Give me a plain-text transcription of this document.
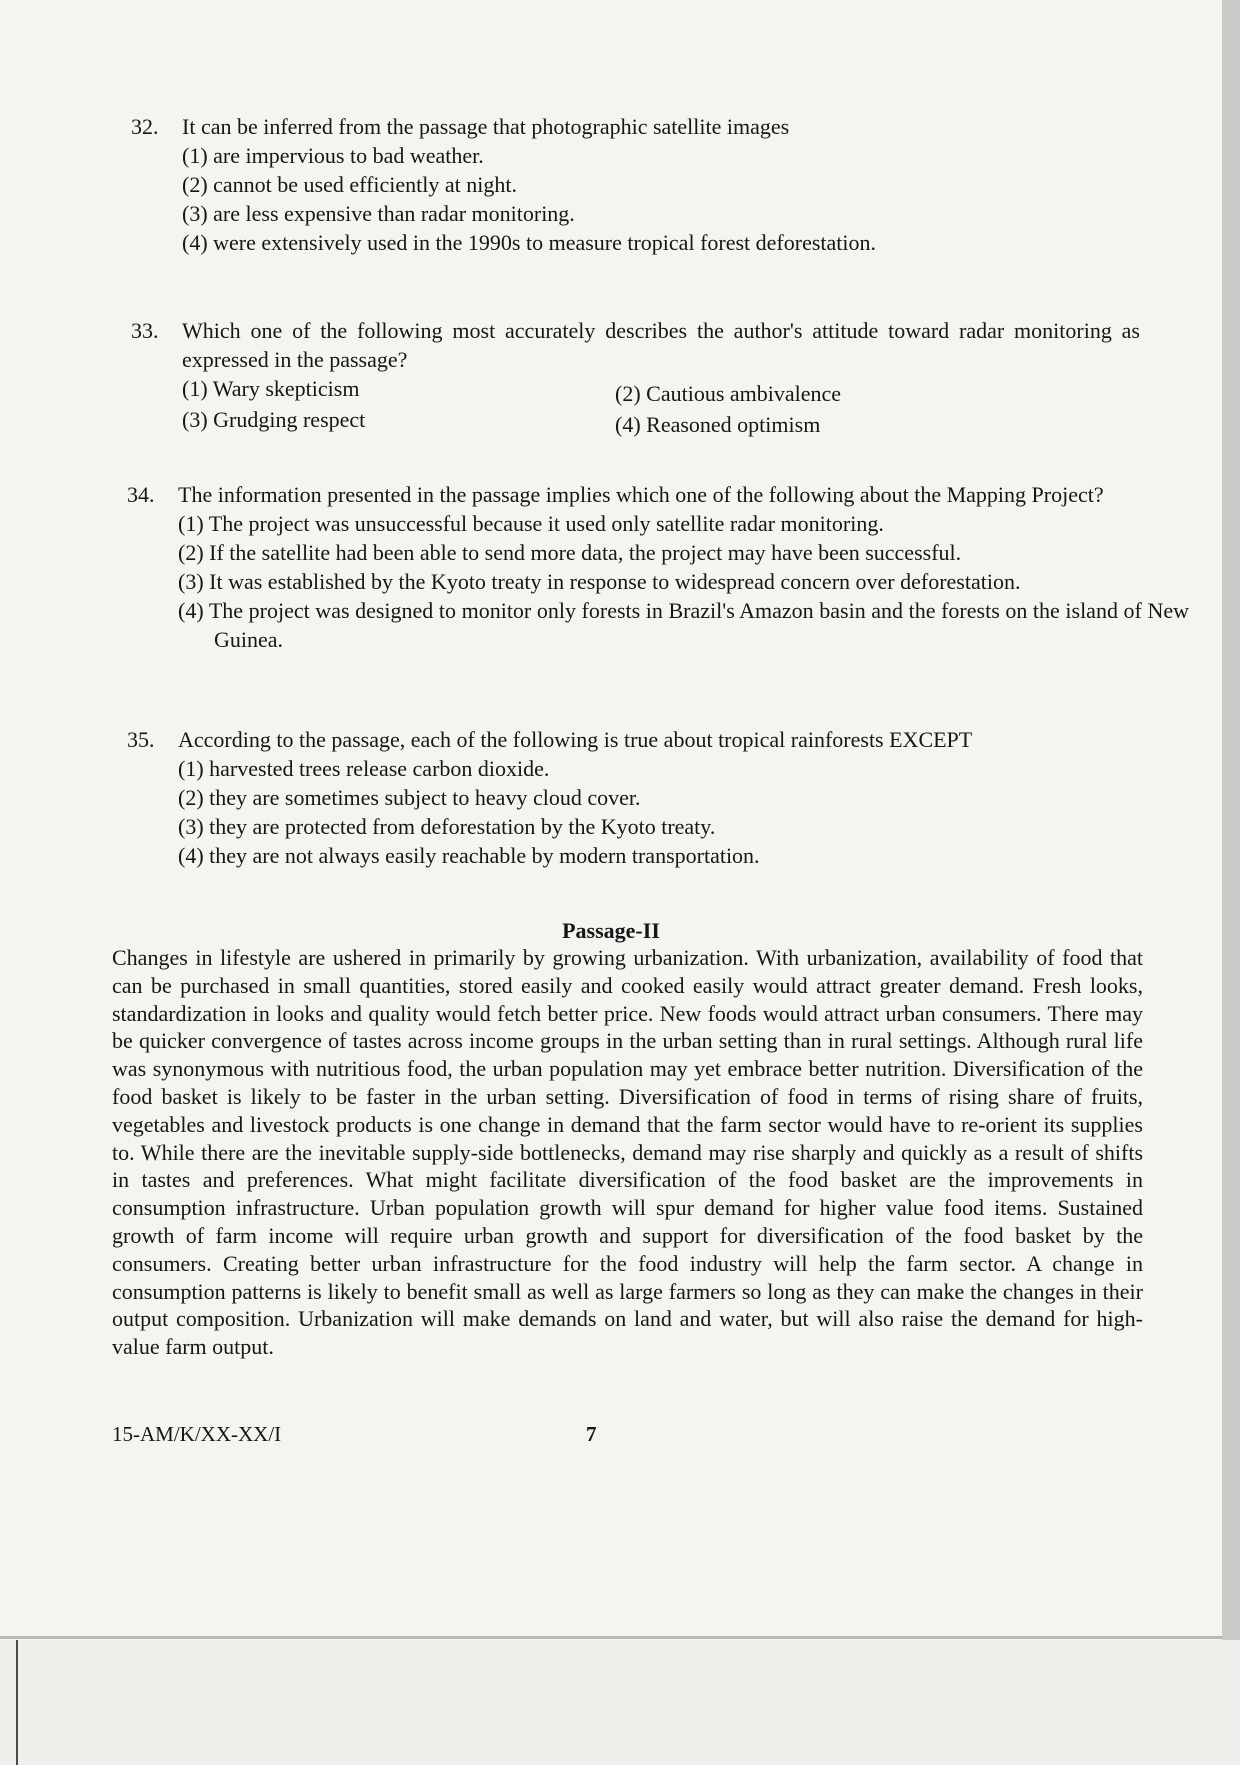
32.	It can be inferred from the passage that photographic satellite images
(1) are impervious to bad weather.
(2) cannot be used efficiently at night.
(3) are less expensive than radar monitoring.
(4) were extensively used in the 1990s to measure tropical forest deforestation.
33.	Which one of the following most accurately describes the author's attitude toward radar monitoring as expressed in the passage?
(1) Wary skepticism	(2) Cautious ambivalence
(3) Grudging respect	(4) Reasoned optimism
34.	The information presented in the passage implies which one of the following about the Mapping Project?
(1) The project was unsuccessful because it used only satellite radar monitoring.
(2) If the satellite had been able to send more data, the project may have been successful.
(3) It was established by the Kyoto treaty in response to widespread concern over deforestation.
(4) The project was designed to monitor only forests in Brazil's Amazon basin and the forests on the island of New Guinea.
35.	According to the passage, each of the following is true about tropical rainforests EXCEPT
(1) harvested trees release carbon dioxide.
(2) they are sometimes subject to heavy cloud cover.
(3) they are protected from deforestation by the Kyoto treaty.
(4) they are not always easily reachable by modern transportation.
Passage-II
Changes in lifestyle are ushered in primarily by growing urbanization. With urbanization, availability of food that can be purchased in small quantities, stored easily and cooked easily would attract greater demand. Fresh looks, standardization in looks and quality would fetch better price. New foods would attract urban consumers. There may be quicker convergence of tastes across income groups in the urban setting than in rural settings. Although rural life was synonymous with nutritious food, the urban population may yet embrace better nutrition. Diversification of the food basket is likely to be faster in the urban setting. Diversification of food in terms of rising share of fruits, vegetables and livestock products is one change in demand that the farm sector would have to re-orient its supplies to. While there are the inevitable supply-side bottlenecks, demand may rise sharply and quickly as a result of shifts in tastes and preferences. What might facilitate diversification of the food basket are the improvements in consumption infrastructure. Urban population growth will spur demand for higher value food items. Sustained growth of farm income will require urban growth and support for diversification of the food basket by the consumers. Creating better urban infrastructure for the food industry will help the farm sector. A change in consumption patterns is likely to benefit small as well as large farmers so long as they can make the changes in their output composition. Urbanization will make demands on land and water, but will also raise the demand for high-value farm output.
15-AM/K/XX-XX/I	7
